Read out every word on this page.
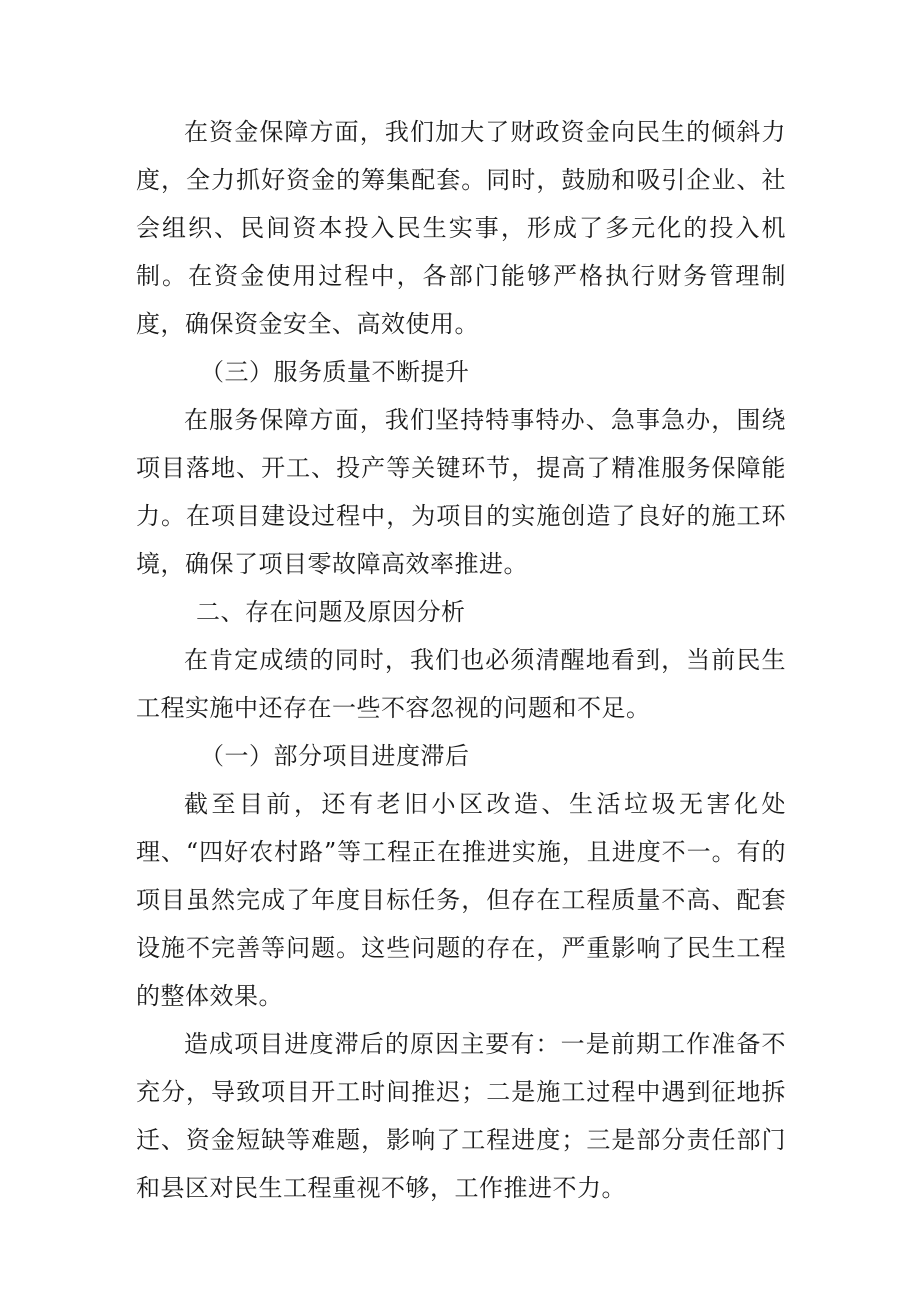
在资金保障方面，我们加大了财政资金向民生的倾斜力度，全力抓好资金的筹集配套。同时，鼓励和吸引企业、社会组织、民间资本投入民生实事，形成了多元化的投入机制。在资金使用过程中，各部门能够严格执行财务管理制度，确保资金安全、高效使用。

（三）服务质量不断提升

在服务保障方面，我们坚持特事特办、急事急办，围绕项目落地、开工、投产等关键环节，提高了精准服务保障能力。在项目建设过程中，为项目的实施创造了良好的施工环境，确保了项目零故障高效率推进。

二、存在问题及原因分析

在肯定成绩的同时，我们也必须清醒地看到，当前民生工程实施中还存在一些不容忽视的问题和不足。

（一）部分项目进度滞后

截至目前，还有老旧小区改造、生活垃圾无害化处理、“四好农村路”等工程正在推进实施，且进度不一。有的项目虽然完成了年度目标任务，但存在工程质量不高、配套设施不完善等问题。这些问题的存在，严重影响了民生工程的整体效果。

造成项目进度滞后的原因主要有：一是前期工作准备不充分，导致项目开工时间推迟；二是施工过程中遇到征地拆迁、资金短缺等难题，影响了工程进度；三是部分责任部门和县区对民生工程重视不够，工作推进不力。
